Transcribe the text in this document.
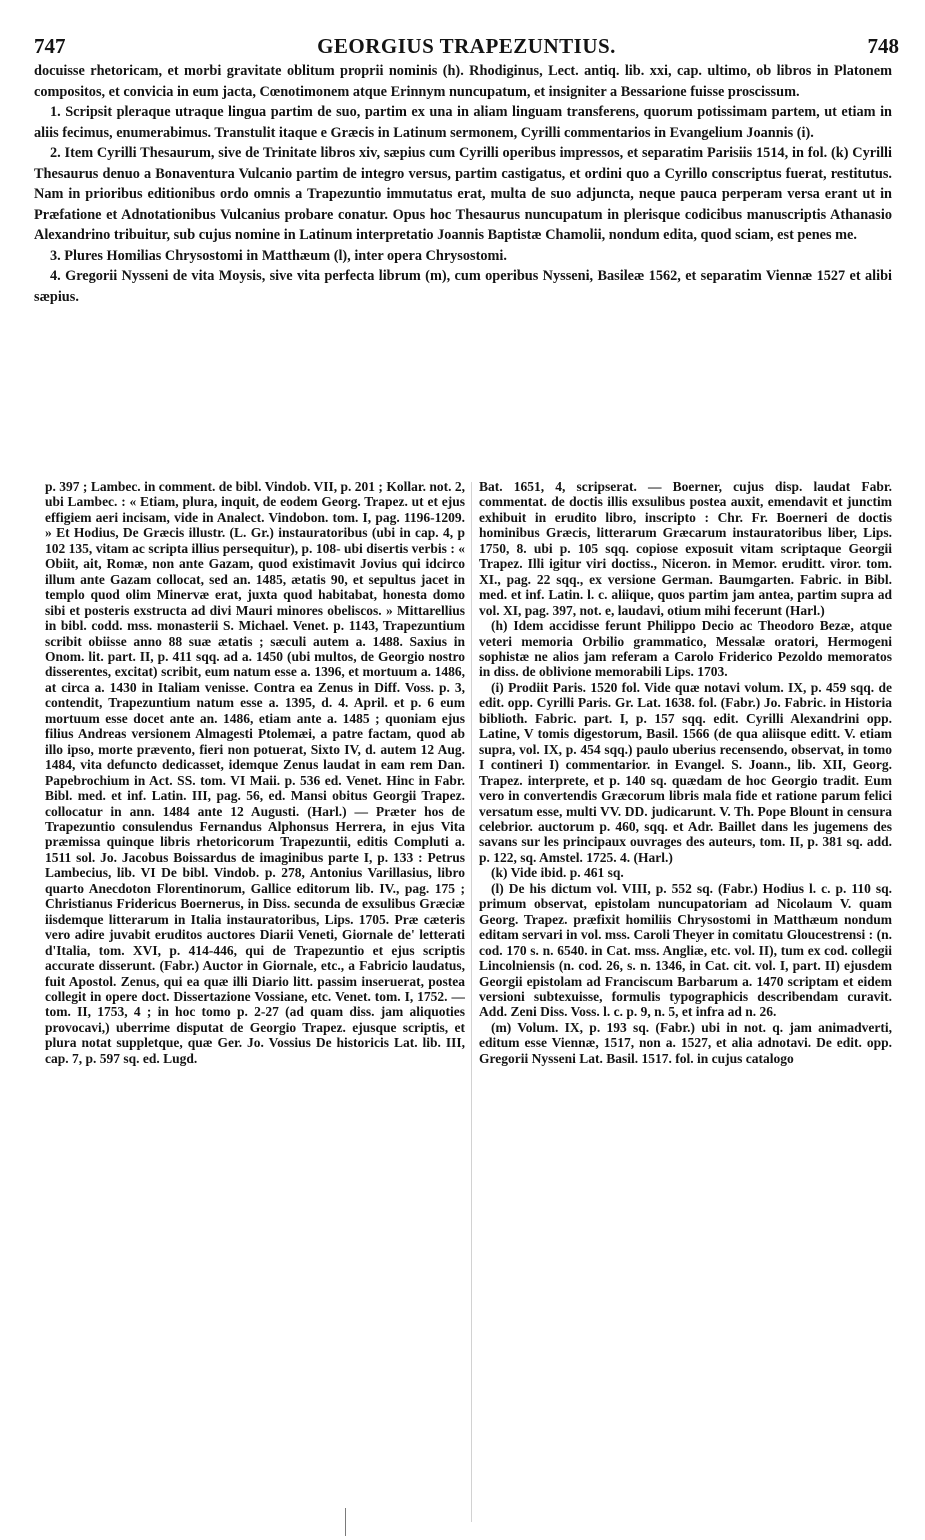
747	GEORGIUS TRAPEZUNTIUS.	748

docuisse rhetoricam, et morbi gravitate oblitum proprii nominis (h). Rhodiginus, Lect. antiq. lib. xxi, cap. ultimo, ob libros in Platonem compositos, et convicia in eum jacta, Cœnotimonem atque Erinnym nuncupatum, et insigniter a Bessarione fuisse proscissum.

1. Scripsit pleraque utraque lingua partim de suo, partim ex una in aliam linguam transferens, quorum potissimam partem, ut etiam in aliis fecimus, enumerabimus. Transtulit itaque e Græcis in Latinum sermonem, Cyrilli commentarios in Evangelium Joannis (i).

2. Item Cyrilli Thesaurum, sive de Trinitate libros xiv, sæpius cum Cyrilli operibus impressos, et separatim Parisiis 1514, in fol. (k) Cyrilli Thesaurus denuo a Bonaventura Vulcanio partim de integro versus, partim castigatus, et ordini quo a Cyrillo conscriptus fuerat, restitutus. Nam in prioribus editionibus ordo omnis a Trapezuntio immutatus erat, multa de suo adjuncta, neque pauca perperam versa erant ut in Præfatione et Adnotationibus Vulcanius probare conatur. Opus hoc Thesaurus nuncupatum in plerisque codicibus manuscriptis Athanasio Alexandrino tribuitur, sub cujus nomine in Latinum interpretatio Joannis Baptistæ Chamolii, nondum edita, quod sciam, est penes me.

3. Plures Homilias Chrysostomi in Matthæum (l), inter opera Chrysostomi.

4. Gregorii Nysseni de vita Moysis, sive vita perfecta librum (m), cum operibus Nysseni, Basileæ 1562, et separatim Viennæ 1527 et alibi sæpius.

p. 397 ; Lambec. in comment. de bibl. Vindob. VII, p. 201 ; Kollar. not. 2, ubi Lambec. : « Etiam, plura, inquit, de eodem Georg. Trapez. ut et ejus effigiem aeri incisam, vide in Analect. Vindobon. tom. I, pag. 1196-1209. » Et Hodius, De Græcis illustr. (L. Gr.) instauratoribus (ubi in cap. 4, p 102 135, vitam ac scripta illius persequitur), p. 108- ubi disertis verbis : « Obiit, ait, Romæ, non ante Gazam, quod existimavit Jovius qui idcirco illum ante Gazam collocat, sed an. 1485, ætatis 90, et sepultus jacet in templo quod olim Minervæ erat, juxta quod habitabat, honesta domo sibi et posteris exstructa ad divi Mauri minores obeliscos. » Mittarellius in bibl. codd. mss. monasterii S. Michael. Venet. p. 1143, Trapezuntium scribit obiisse anno 88 suæ ætatis ; sæculi autem a. 1488. Saxius in Onom. lit. part. II, p. 411 sqq. ad a. 1450 (ubi multos, de Georgio nostro disserentes, excitat) scribit, eum natum esse a. 1396, et mortuum a. 1486, at circa a. 1430 in Italiam venisse. Contra ea Zenus in Diff. Voss. p. 3, contendit, Trapezuntium natum esse a. 1395, d. 4. April. et p. 6 eum mortuum esse docet ante an. 1486, etiam ante a. 1485 ; quoniam ejus filius Andreas versionem Almagesti Ptolemæi, a patre factam, quod ab illo ipso, morte prævento, fieri non potuerat, Sixto IV, d. autem 12 Aug. 1484, vita defuncto dedicasset, idemque Zenus laudat in eam rem Dan. Papebrochium in Act. SS. tom. VI Maii. p. 536 ed. Venet. Hinc in Fabr. Bibl. med. et inf. Latin. III, pag. 56, ed. Mansi obitus Georgii Trapez. collocatur in ann. 1484 ante 12 Augusti. (Harl.) — Præter hos de Trapezuntio consulendus Fernandus Alphonsus Herrera, in ejus Vita præmissa quinque libris rhetoricorum Trapezuntii, editis Compluti a. 1511 sol. Jo. Jacobus Boissardus de imaginibus parte I, p. 133 : Petrus Lambecius, lib. VI De bibl. Vindob. p. 278, Antonius Varillasius, libro quarto Anecdoton Florentinorum, Gallice editorum lib. IV., pag. 175 ; Christianus Fridericus Boernerus, in Diss. secunda de exsulibus Græciæ iisdemque litterarum in Italia instauratoribus, Lips. 1705. Præ cæteris vero adire juvabit eruditos auctores Diarii Veneti, Giornale de' letterati d'Italia, tom. XVI, p. 414-446, qui de Trapezuntio et ejus scriptis accurate disserunt. (Fabr.) Auctor in Giornale, etc., a Fabricio laudatus, fuit Apostol. Zenus, qui ea quæ illi Diario litt. passim inseruerat, postea collegit in opere doct. Dissertazione Vossiane, etc. Venet. tom. I, 1752. — tom. II, 1753, 4 ; in hoc tomo p. 2-27 (ad quam diss. jam aliquoties provocavi,) uberrime disputat de Georgio Trapez. ejusque scriptis, et plura notat suppletque, quæ Ger. Jo. Vossius De historicis Lat. lib. III, cap. 7, p. 597 sq. ed. Lugd.

Bat. 1651, 4, scripserat. — Boerner, cujus disp. laudat Fabr. commentat. de doctis illis exsulibus postea auxit, emendavit et junctim exhibuit in erudito libro, inscripto : Chr. Fr. Boerneri de doctis hominibus Græcis, litterarum Græcarum instauratoribus liber, Lips. 1750, 8. ubi p. 105 sqq. copiose exposuit vitam scriptaque Georgii Trapez. Illi igitur viri doctiss., Niceron. in Memor. eruditt. viror. tom. XI., pag. 22 sqq., ex versione German. Baumgarten. Fabric. in Bibl. med. et inf. Latin. l. c. aliique, quos partim jam antea, partim supra ad vol. XI, pag. 397, not. e, laudavi, otium mihi fecerunt (Harl.)

(h) Idem accidisse ferunt Philippo Decio ac Theodoro Bezæ, atque veteri memoria Orbilio grammatico, Messalæ oratori, Hermogeni sophistæ ne alios jam referam a Carolo Friderico Pezoldo memoratos in diss. de oblivione memorabili Lips. 1703.

(i) Prodiit Paris. 1520 fol. Vide quæ notavi volum. IX, p. 459 sqq. de edit. opp. Cyrilli Paris. Gr. Lat. 1638. fol. (Fabr.) Jo. Fabric. in Historia biblioth. Fabric. part. I, p. 157 sqq. edit. Cyrilli Alexandrini opp. Latine, V tomis digestorum, Basil. 1566 (de qua aliisque editt. V. etiam supra, vol. IX, p. 454 sqq.) paulo uberius recensendo, observat, in tomo I contineri I) commentarior. in Evangel. S. Joann., lib. XII, Georg. Trapez. interprete, et p. 140 sq. quædam de hoc Georgio tradit. Eum vero in convertendis Græcorum libris mala fide et ratione parum felici versatum esse, multi VV. DD. judicarunt. V. Th. Pope Blount in censura celebrior. auctorum p. 460, sqq. et Adr. Baillet dans les jugemens des savans sur les principaux ouvrages des auteurs, tom. II, p. 381 sq. add. p. 122, sq. Amstel. 1725. 4. (Harl.)

(k) Vide ibid. p. 461 sq.

(l) De his dictum vol. VIII, p. 552 sq. (Fabr.) Hodius l. c. p. 110 sq. primum observat, epistolam nuncupatoriam ad Nicolaum V. quam Georg. Trapez. præfixit homiliis Chrysostomi in Matthæum nondum editam servari in vol. mss. Caroli Theyer in comitatu Gloucestrensi : (n. cod. 170 s. n. 6540. in Cat. mss. Angliæ, etc. vol. II), tum ex cod. collegii Lincolniensis (n. cod. 26, s. n. 1346, in Cat. cit. vol. I, part. II) ejusdem Georgii epistolam ad Franciscum Barbarum a. 1470 scriptam et eidem versioni subtexuisse, formulis typographicis describendam curavit. Add. Zeni Diss. Voss. l. c. p. 9, n. 5, et infra ad n. 26.

(m) Volum. IX, p. 193 sq. (Fabr.) ubi in not. q. jam animadverti, editum esse Viennæ, 1517, non a. 1527, et alia adnotavi. De edit. opp. Gregorii Nysseni Lat. Basil. 1517. fol. in cujus catalogo
